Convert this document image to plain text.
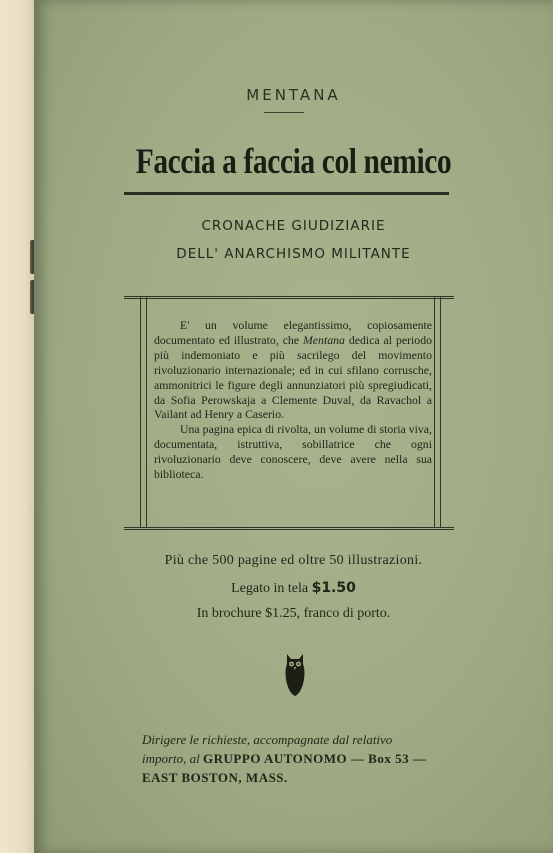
MENTANA
Faccia a faccia col nemico
CRONACHE GIUDIZIARIE
DELL' ANARCHISMO MILITANTE

E' un volume elegantissimo, copiosamente documentato ed illustrato, che Mentana dedica al periodo più indemoniato e più sacrilego del movimento rivoluzionario internazionale; ed in cui sfilano corrusche, ammonitrici le figure degli annunziatori più spregiudicati, da Sofia Perowskaja a Clemente Duval, da Ravachol a Vailant ad Henry a Caserio.

Una pagina epica di rivolta, un volume di storia viva, documentata, istruttiva, sobillatrice che ogni rivoluzionario deve conoscere, deve avere nella sua biblioteca.

Più che 500 pagine ed oltre 50 illustrazioni.
Legato in tela $1.50
In brochure $1.25, franco di porto.
Dirigere le richieste, accompagnate dal relativo
importo, al GRUPPO AUTONOMO — Box 53 —
EAST BOSTON, MASS.
